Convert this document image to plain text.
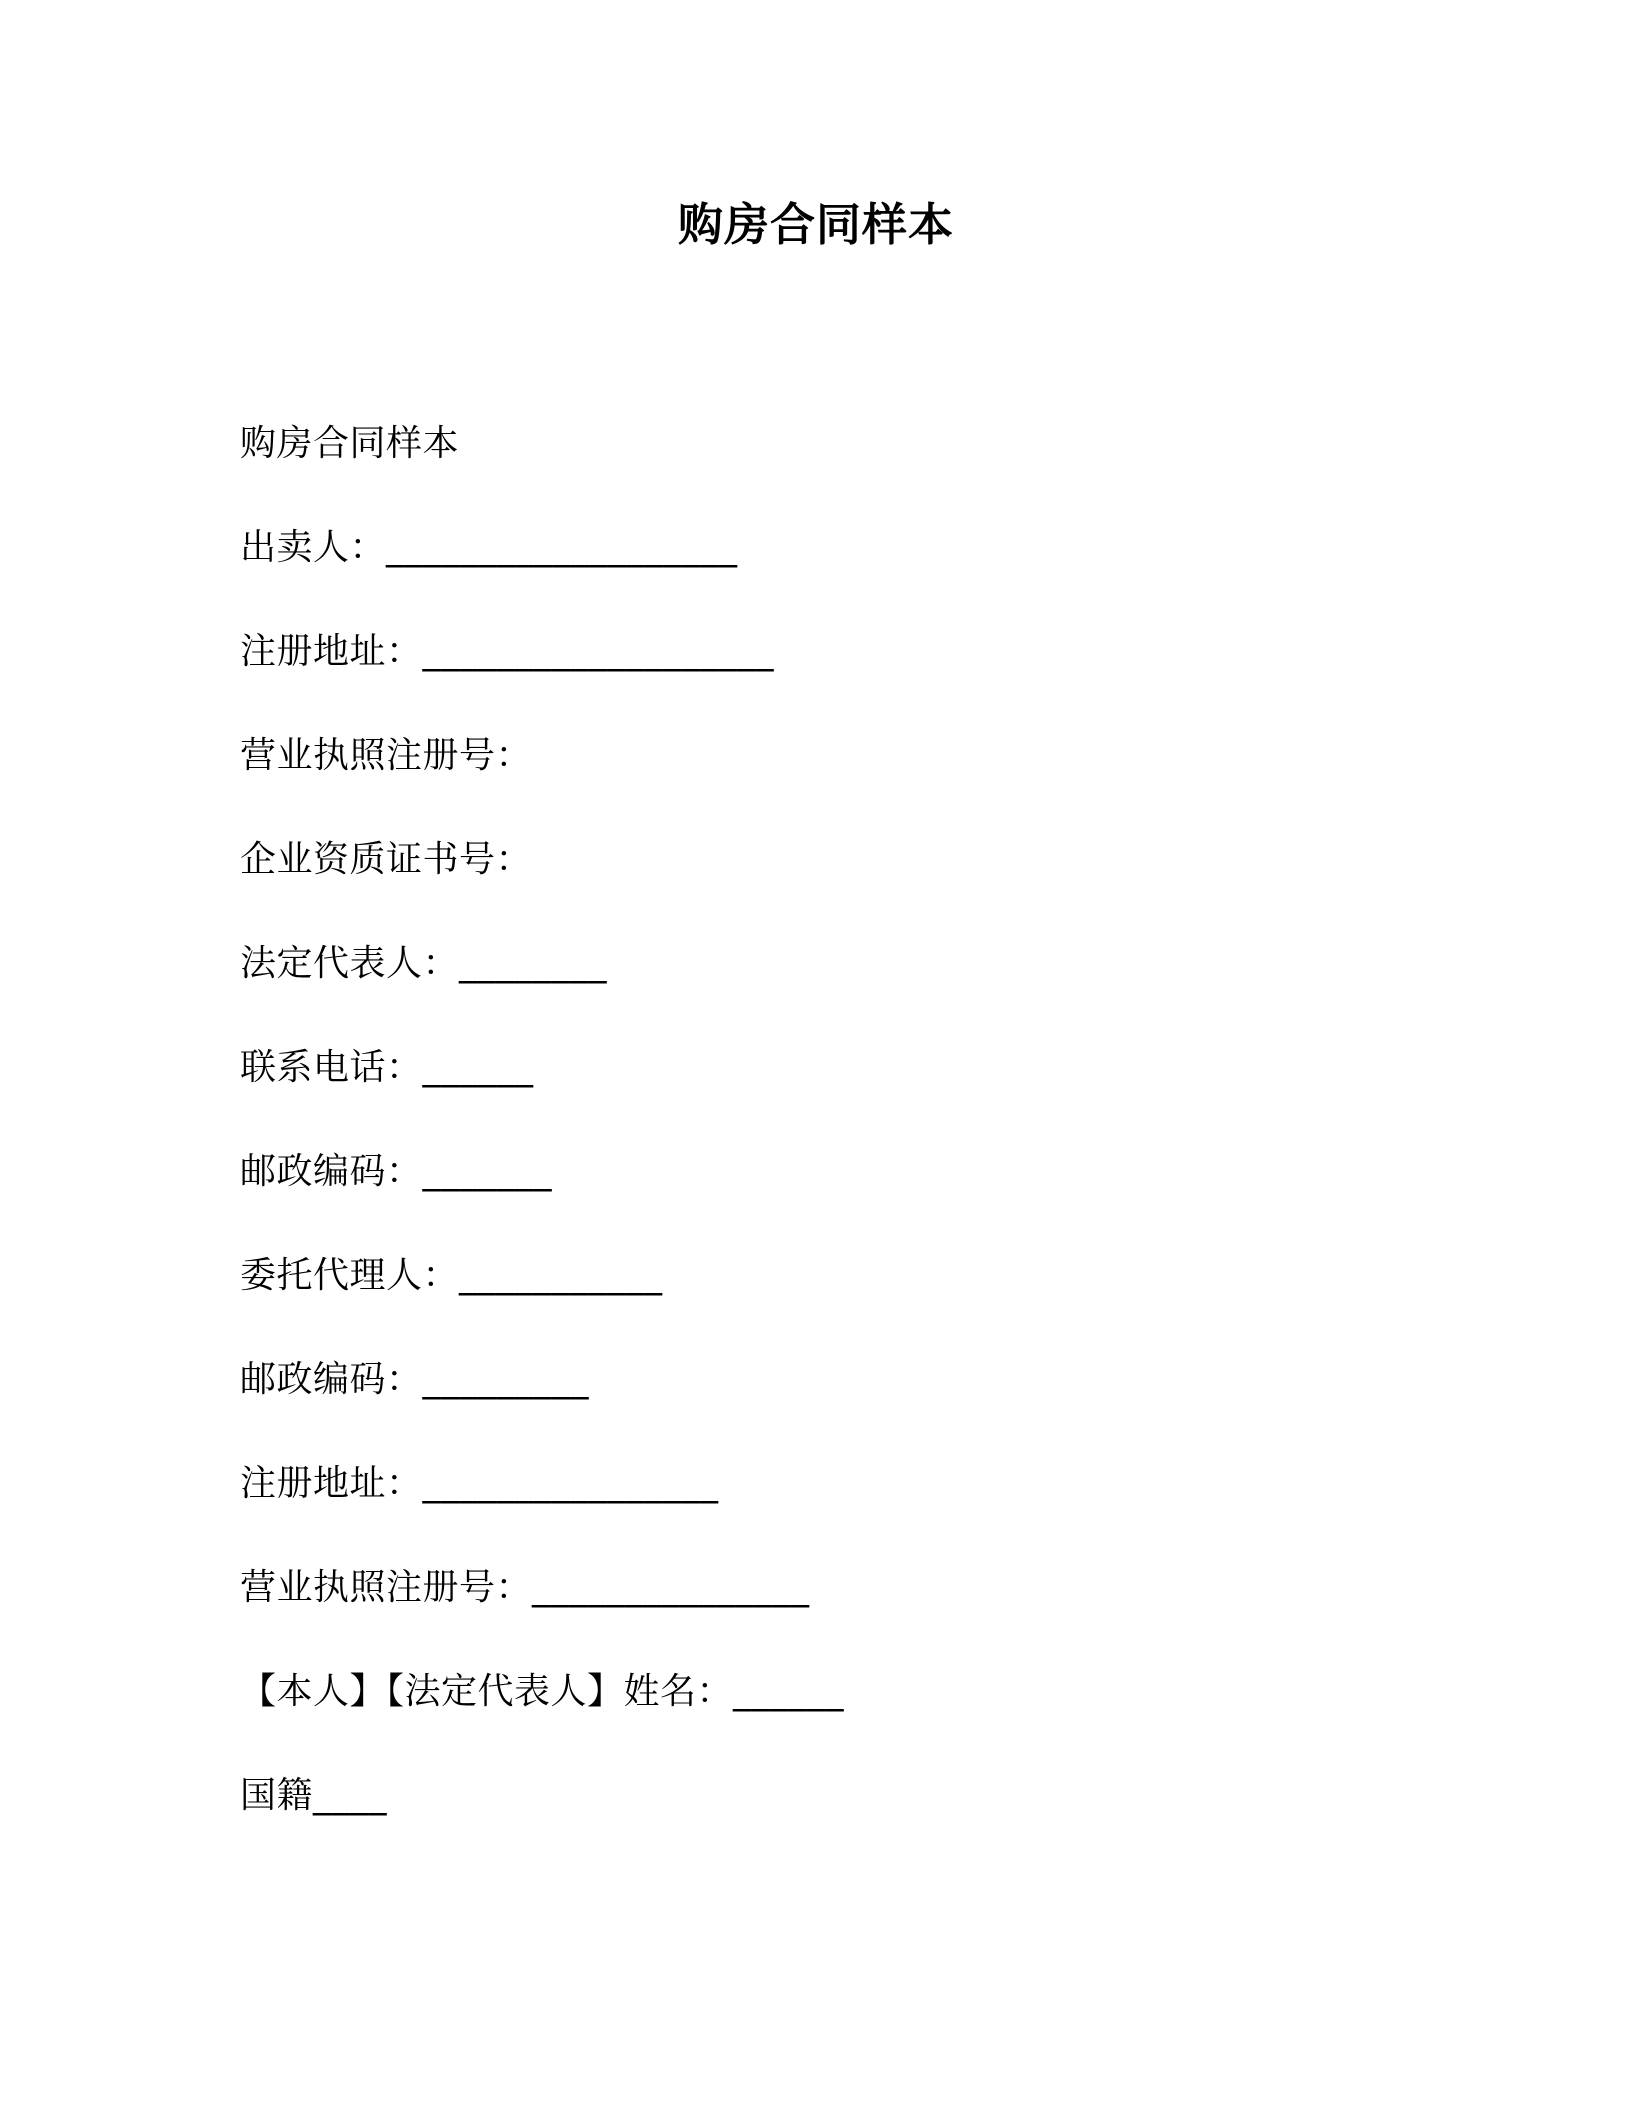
购房合同样本
购房合同样本
出卖人：___________________
注册地址：___________________
营业执照注册号：
企业资质证书号：
法定代表人：________
联系电话：______
邮政编码：_______
委托代理人：___________
邮政编码：_________
注册地址：________________
营业执照注册号：_______________
【本人】【法定代表人】姓名：______
国籍____
